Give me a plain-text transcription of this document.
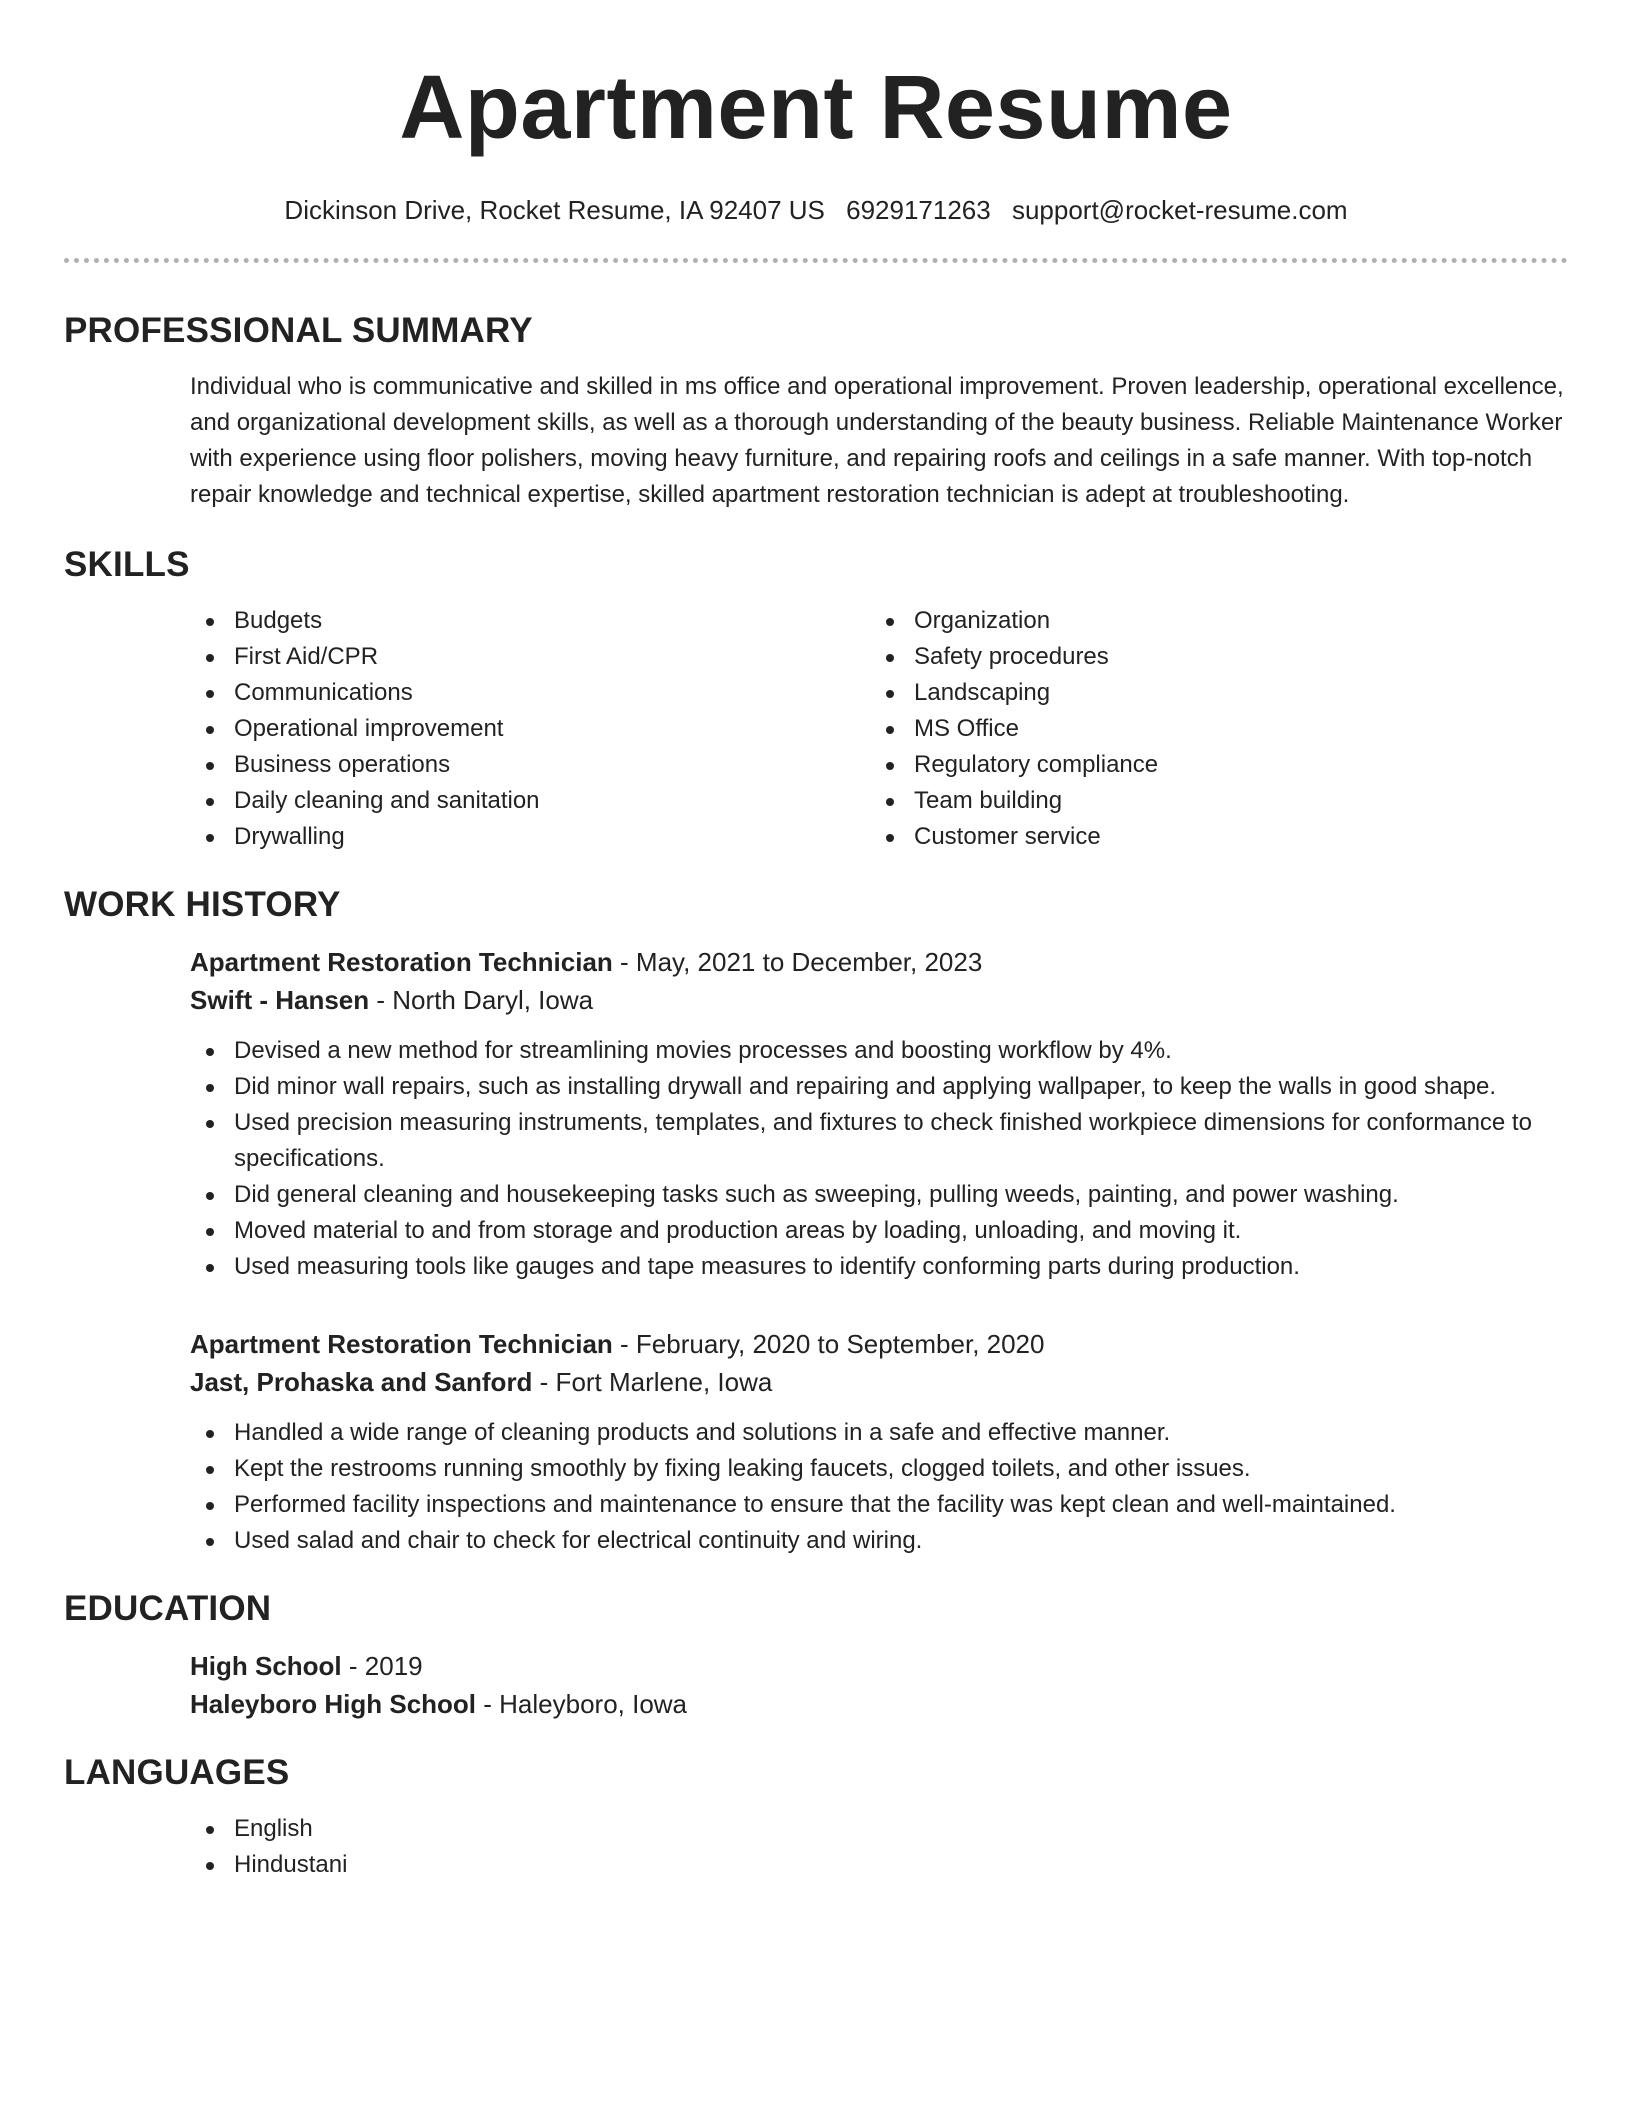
Apartment Resume
Dickinson Drive, Rocket Resume, IA 92407 US 6929171263 support@rocket-resume.com
PROFESSIONAL SUMMARY

Individual who is communicative and skilled in ms office and operational improvement. Proven leadership, operational excellence, and organizational development skills, as well as a thorough understanding of the beauty business. Reliable Maintenance Worker with experience using floor polishers, moving heavy furniture, and repairing roofs and ceilings in a safe manner. With top-notch repair knowledge and technical expertise, skilled apartment restoration technician is adept at troubleshooting.

SKILLS
Budgets
First Aid/CPR
Communications
Operational improvement
Business operations
Daily cleaning and sanitation
Drywalling
Organization
Safety procedures
Landscaping
MS Office
Regulatory compliance
Team building
Customer service
WORK HISTORY
Apartment Restoration Technician - May, 2021 to December, 2023
Swift - Hansen - North Daryl, Iowa
Devised a new method for streamlining movies processes and boosting workflow by 4%.
Did minor wall repairs, such as installing drywall and repairing and applying wallpaper, to keep the walls in good shape.
Used precision measuring instruments, templates, and fixtures to check finished workpiece dimensions for conformance to specifications.
Did general cleaning and housekeeping tasks such as sweeping, pulling weeds, painting, and power washing.
Moved material to and from storage and production areas by loading, unloading, and moving it.
Used measuring tools like gauges and tape measures to identify conforming parts during production.
Apartment Restoration Technician - February, 2020 to September, 2020
Jast, Prohaska and Sanford - Fort Marlene, Iowa
Handled a wide range of cleaning products and solutions in a safe and effective manner.
Kept the restrooms running smoothly by fixing leaking faucets, clogged toilets, and other issues.
Performed facility inspections and maintenance to ensure that the facility was kept clean and well-maintained.
Used salad and chair to check for electrical continuity and wiring.
EDUCATION
High School - 2019
Haleyboro High School - Haleyboro, Iowa
LANGUAGES
English
Hindustani
